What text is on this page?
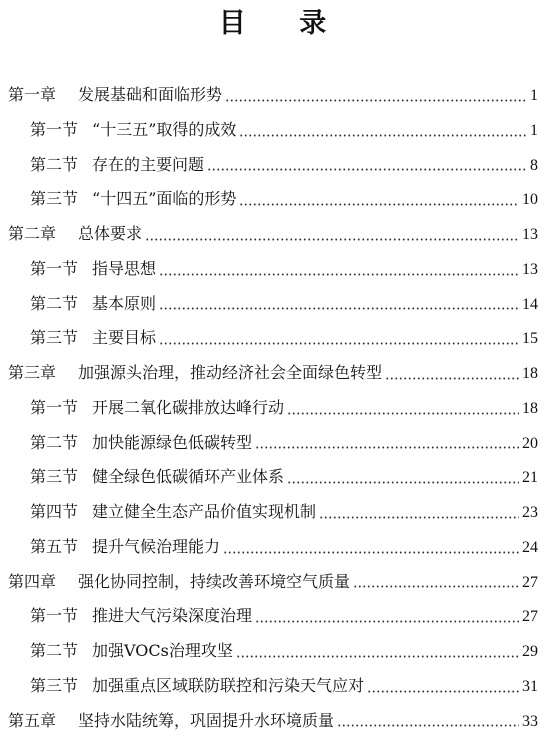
目 录
第一章 发展基础和面临形势	1
第一节 “十三五”取得的成效	1
第二节 存在的主要问题	8
第三节 “十四五”面临的形势	10
第二章 总体要求	13
第一节 指导思想	13
第二节 基本原则	14
第三节 主要目标	15
第三章 加强源头治理，推动经济社会全面绿色转型	18
第一节 开展二氧化碳排放达峰行动	18
第二节 加快能源绿色低碳转型	20
第三节 健全绿色低碳循环产业体系	21
第四节 建立健全生态产品价值实现机制	23
第五节 提升气候治理能力	24
第四章 强化协同控制，持续改善环境空气质量	27
第一节 推进大气污染深度治理	27
第二节 加强VOCs治理攻坚	29
第三节 加强重点区域联防联控和污染天气应对	31
第五章 坚持水陆统筹，巩固提升水环境质量	33
